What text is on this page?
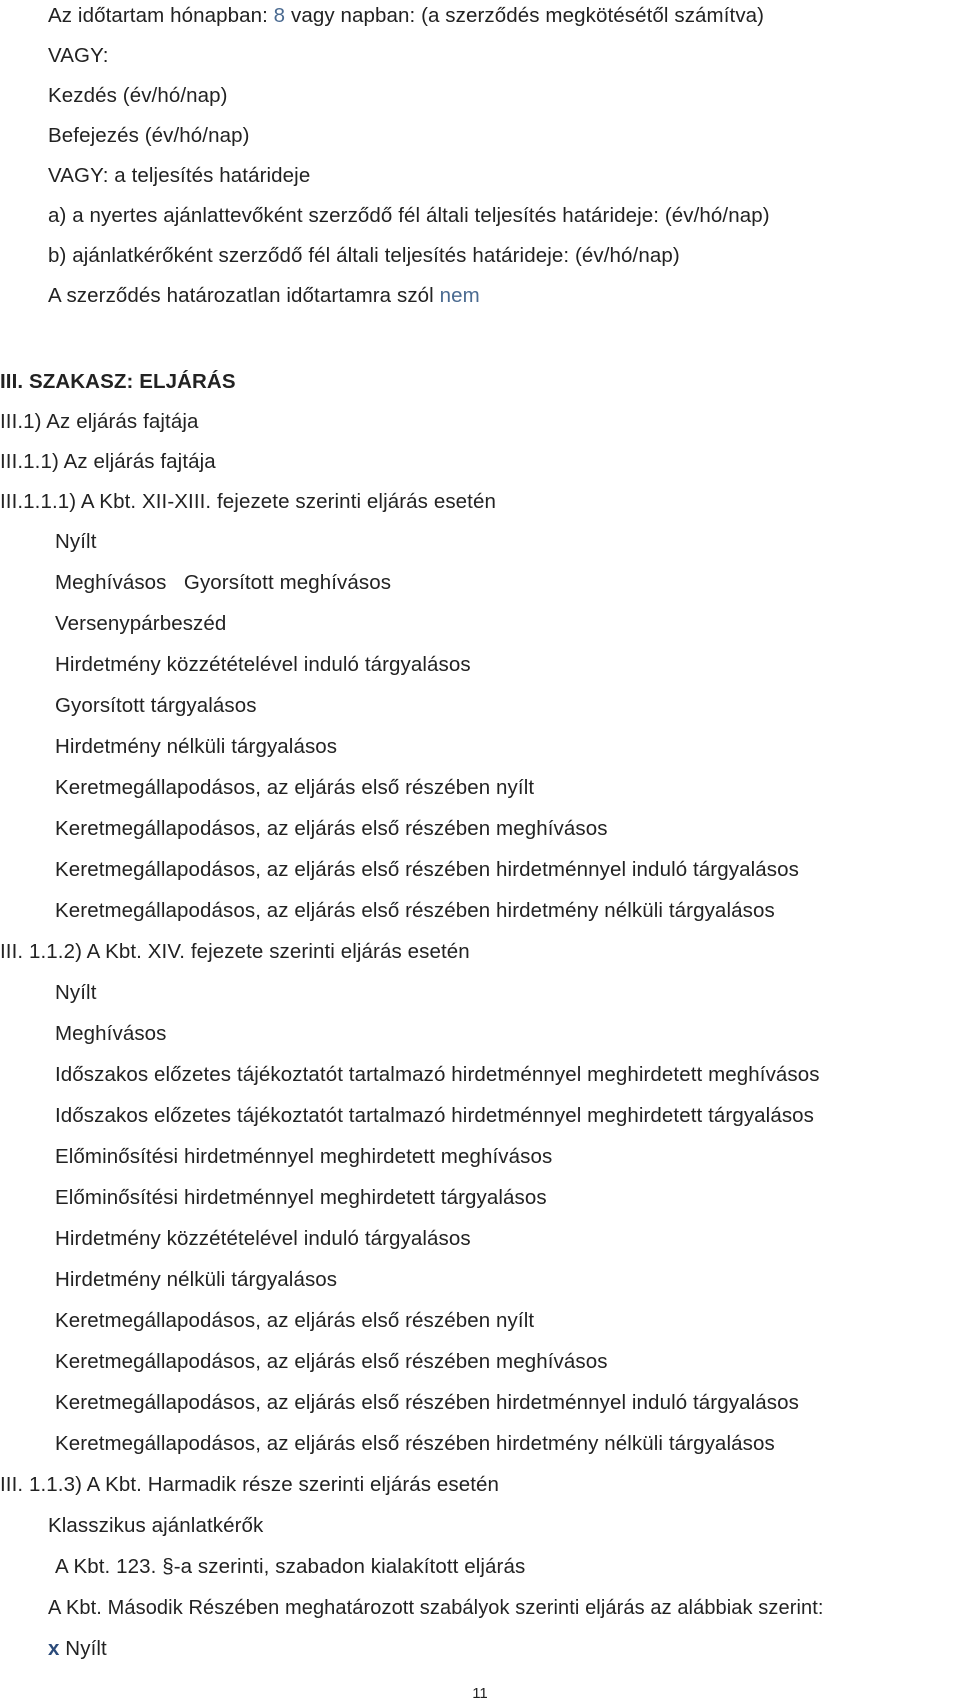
Az időtartam hónapban: 8 vagy napban: (a szerződés megkötésétől számítva)
VAGY:
Kezdés (év/hó/nap)
Befejezés (év/hó/nap)
VAGY: a teljesítés határideje
a) a nyertes ajánlattevőként szerződő fél általi teljesítés határideje: (év/hó/nap)
b) ajánlatkérőként szerződő fél általi teljesítés határideje: (év/hó/nap)
A szerződés határozatlan időtartamra szól nem
III. SZAKASZ: ELJÁRÁS
III.1) Az eljárás fajtája
III.1.1) Az eljárás fajtája
III.1.1.1) A Kbt. XII-XIII. fejezete szerinti eljárás esetén
Nyílt
Meghívásos   Gyorsított meghívásos
Versenypárbeszéd
Hirdetmény közzétételével induló tárgyalásos
Gyorsított tárgyalásos
Hirdetmény nélküli tárgyalásos
Keretmegállapodásos, az eljárás első részében nyílt
Keretmegállapodásos, az eljárás első részében meghívásos
Keretmegállapodásos, az eljárás első részében hirdetménnyel induló tárgyalásos
Keretmegállapodásos, az eljárás első részében hirdetmény nélküli tárgyalásos
III. 1.1.2) A Kbt. XIV. fejezete szerinti eljárás esetén
Nyílt
Meghívásos
Időszakos előzetes tájékoztatót tartalmazó hirdetménnyel meghirdetett meghívásos
Időszakos előzetes tájékoztatót tartalmazó hirdetménnyel meghirdetett tárgyalásos
Előminősítési hirdetménnyel meghirdetett meghívásos
Előminősítési hirdetménnyel meghirdetett tárgyalásos
Hirdetmény közzétételével induló tárgyalásos
Hirdetmény nélküli tárgyalásos
Keretmegállapodásos, az eljárás első részében nyílt
Keretmegállapodásos, az eljárás első részében meghívásos
Keretmegállapodásos, az eljárás első részében hirdetménnyel induló tárgyalásos
Keretmegállapodásos, az eljárás első részében hirdetmény nélküli tárgyalásos
III. 1.1.3) A Kbt. Harmadik része szerinti eljárás esetén
Klasszikus ajánlatkérők
A Kbt. 123. §-a szerinti, szabadon kialakított eljárás
A Kbt. Második Részében meghatározott szabályok szerinti eljárás az alábbiak szerint:
x Nyílt
11
